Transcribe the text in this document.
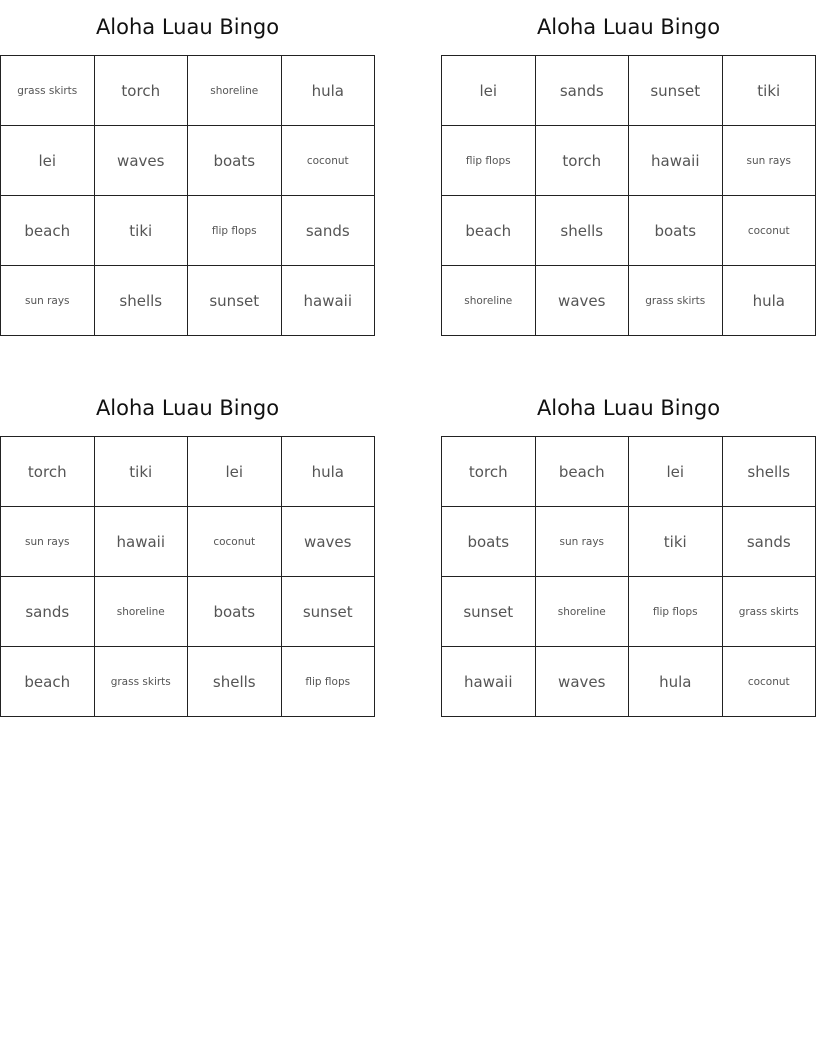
Aloha Luau Bingo
grass skirts	torch	shoreline	hula
lei	waves	boats	coconut
beach	tiki	flip flops	sands
sun rays	shells	sunset	hawaii
Aloha Luau Bingo
lei	sands	sunset	tiki
flip flops	torch	hawaii	sun rays
beach	shells	boats	coconut
shoreline	waves	grass skirts	hula
Aloha Luau Bingo
torch	tiki	lei	hula
sun rays	hawaii	coconut	waves
sands	shoreline	boats	sunset
beach	grass skirts	shells	flip flops
Aloha Luau Bingo
torch	beach	lei	shells
boats	sun rays	tiki	sands
sunset	shoreline	flip flops	grass skirts
hawaii	waves	hula	coconut
